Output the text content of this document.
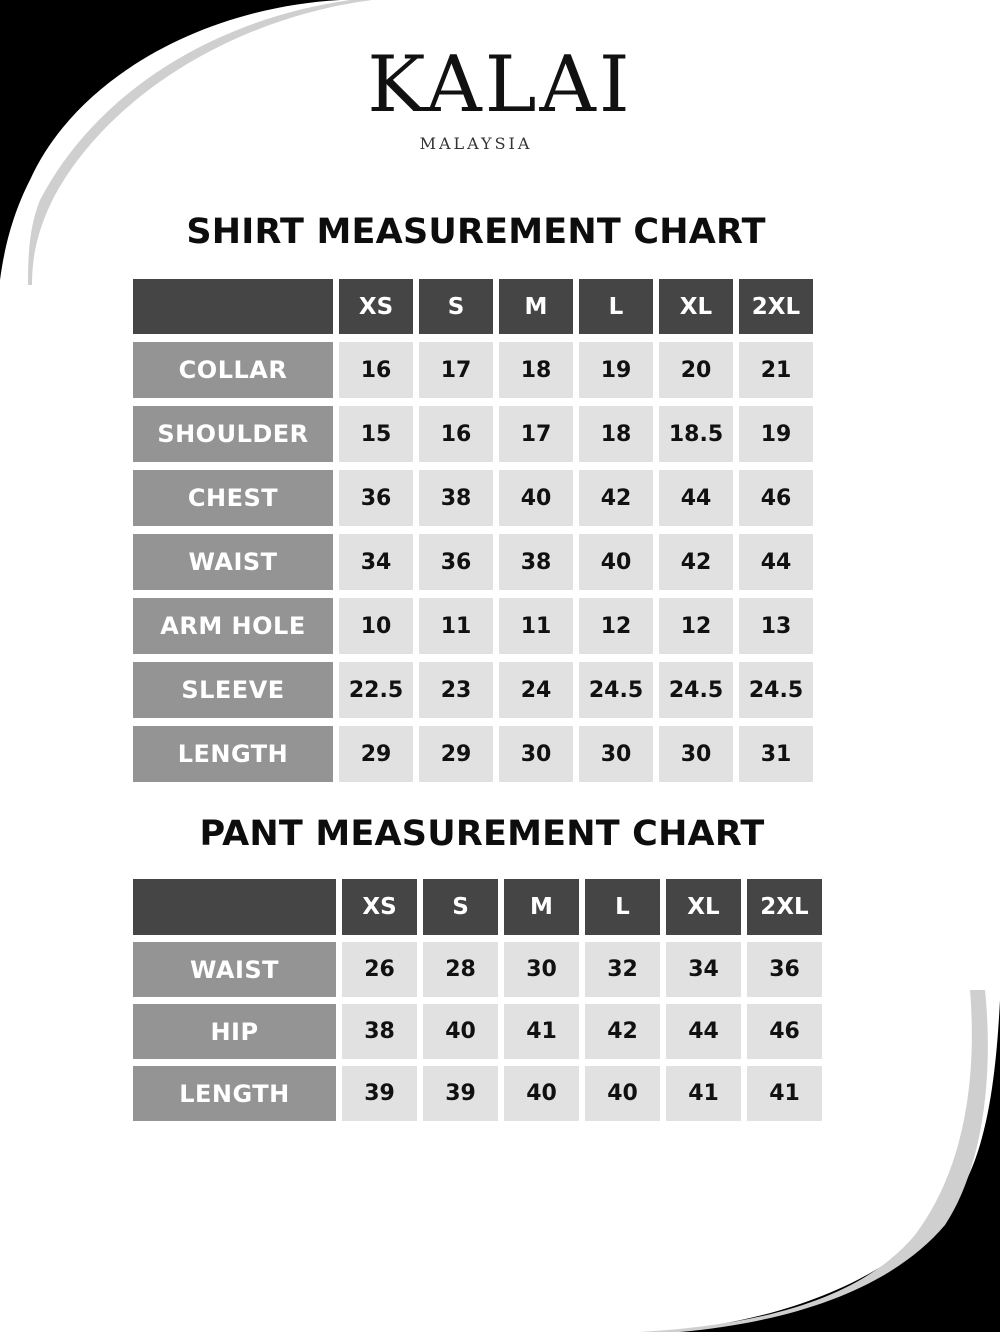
KALAI
MALAYSIA
SHIRT MEASUREMENT CHART
	XS	S	M	L	XL	2XL
COLLAR	16	17	18	19	20	21
SHOULDER	15	16	17	18	18.5	19
CHEST	36	38	40	42	44	46
WAIST	34	36	38	40	42	44
ARM HOLE	10	11	11	12	12	13
SLEEVE	22.5	23	24	24.5	24.5	24.5
LENGTH	29	29	30	30	30	31
PANT MEASUREMENT CHART
	XS	S	M	L	XL	2XL
WAIST	26	28	30	32	34	36
HIP	38	40	41	42	44	46
LENGTH	39	39	40	40	41	41
